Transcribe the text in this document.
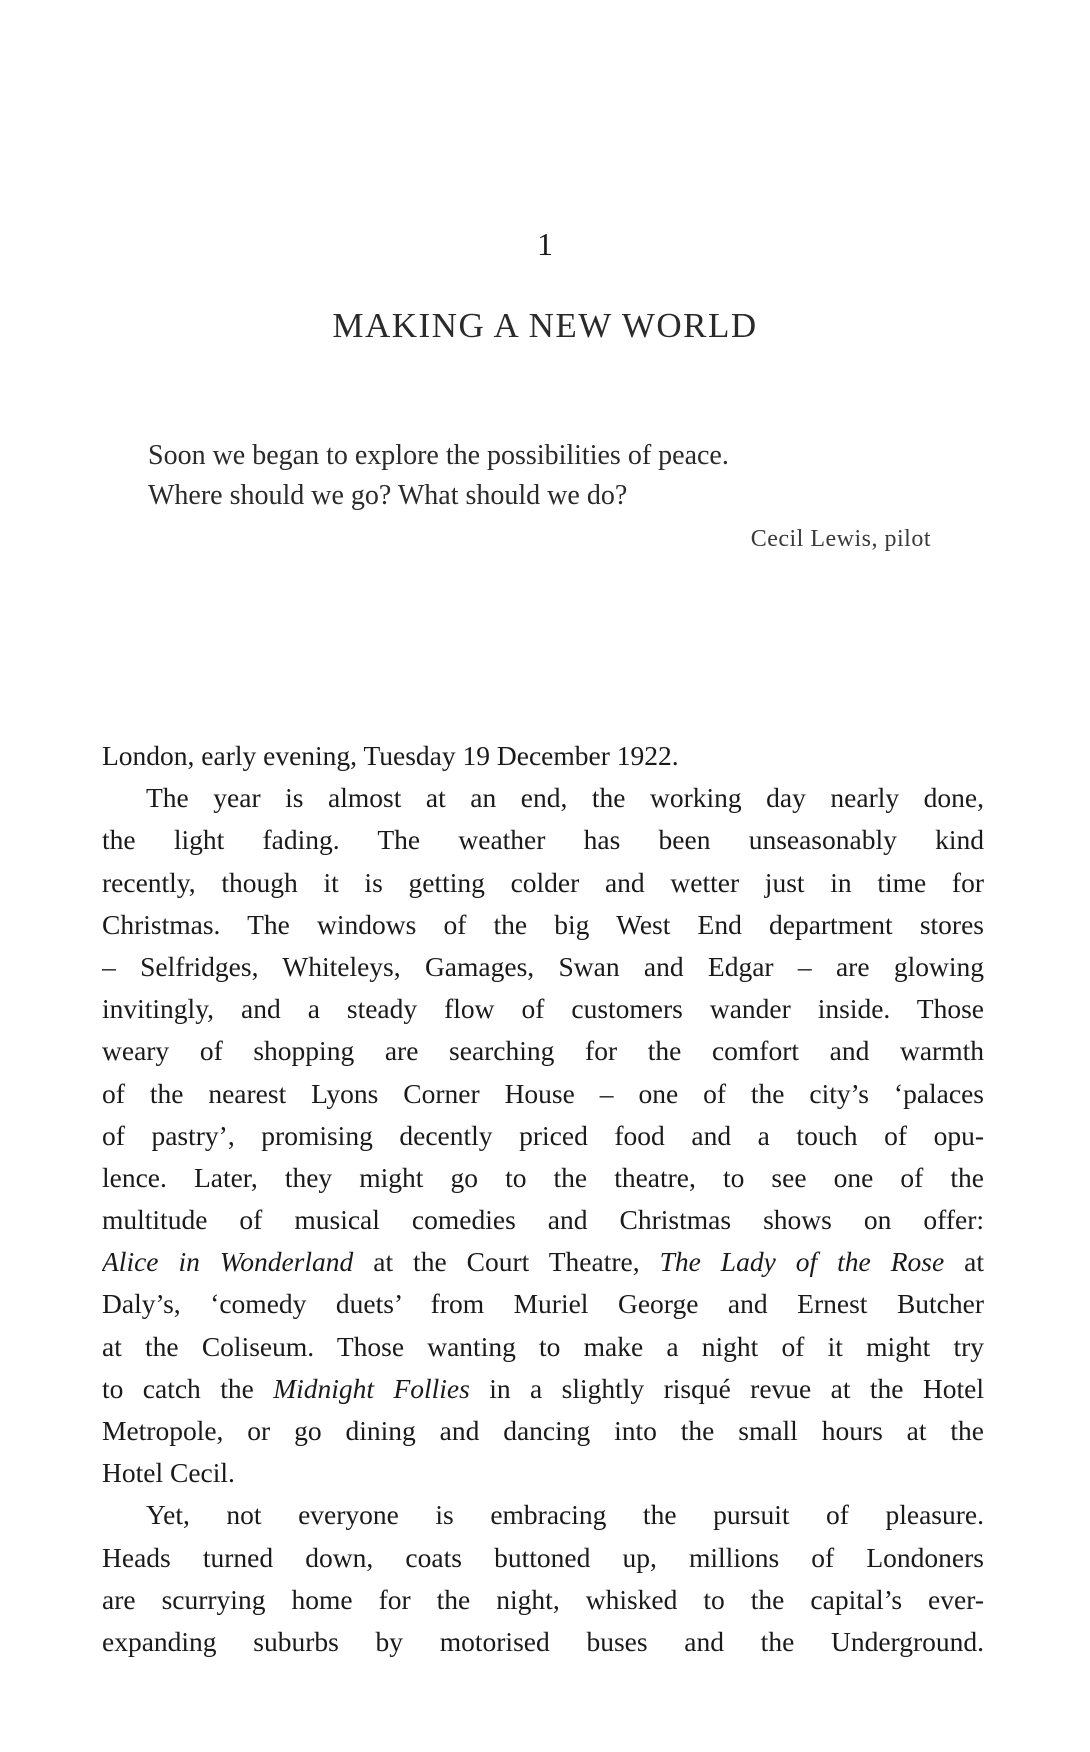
1
MAKING A NEW WORLD
Soon we began to explore the possibilities of peace.
Where should we go? What should we do?
Cecil Lewis, pilot
London, early evening, Tuesday 19 December 1922.
The year is almost at an end, the working day nearly done,
the light fading. The weather has been unseasonably kind
recently, though it is getting colder and wetter just in time for
Christmas. The windows of the big West End department stores
– Selfridges, Whiteleys, Gamages, Swan and Edgar – are glowing
invitingly, and a steady flow of customers wander inside. Those
weary of shopping are searching for the comfort and warmth
of the nearest Lyons Corner House – one of the city’s ‘palaces
of pastry’, promising decently priced food and a touch of opu-
lence. Later, they might go to the theatre, to see one of the
multitude of musical comedies and Christmas shows on offer:
Alice in Wonderland at the Court Theatre, The Lady of the Rose at
Daly’s, ‘comedy duets’ from Muriel George and Ernest Butcher
at the Coliseum. Those wanting to make a night of it might try
to catch the Midnight Follies in a slightly risqué revue at the Hotel
Metropole, or go dining and dancing into the small hours at the
Hotel Cecil.
Yet, not everyone is embracing the pursuit of pleasure.
Heads turned down, coats buttoned up, millions of Londoners
are scurrying home for the night, whisked to the capital’s ever-
expanding suburbs by motorised buses and the Underground.
